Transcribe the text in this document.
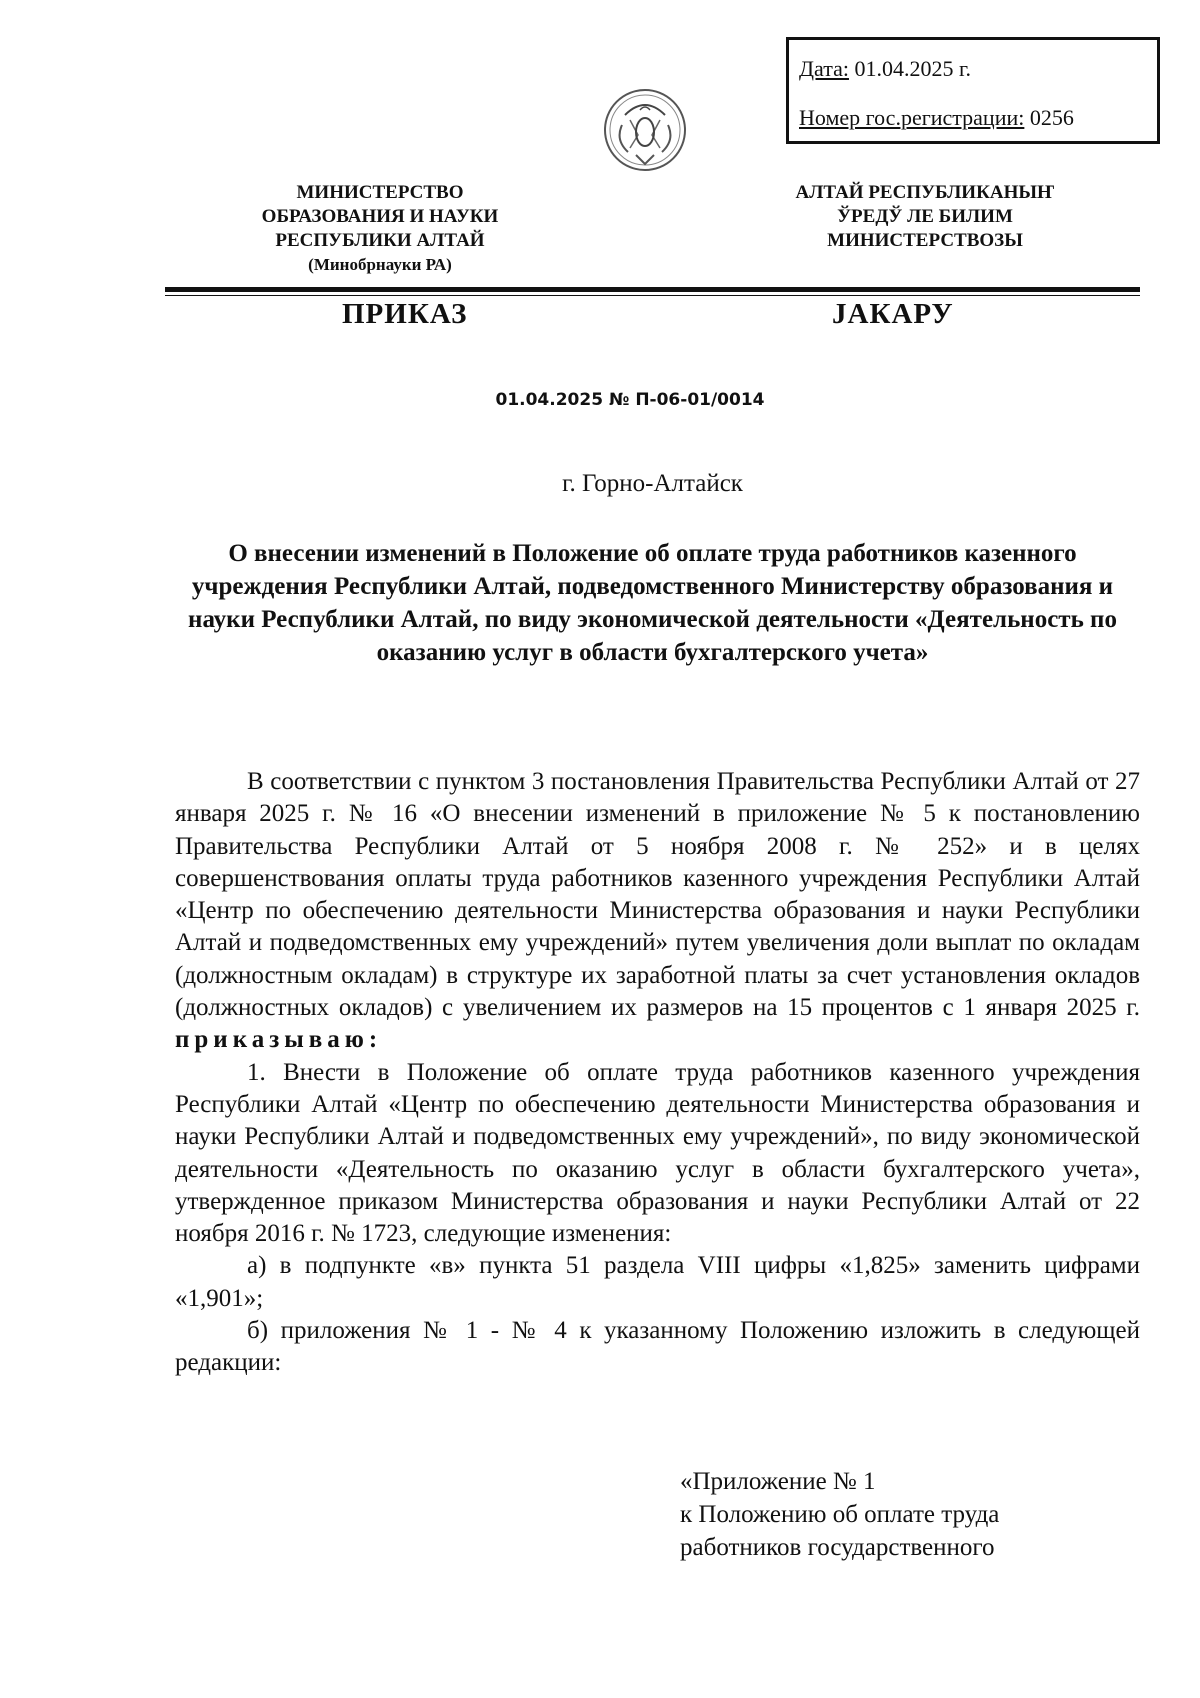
Дата: 01.04.2025 г.
Номер гос.регистрации: 0256
МИНИСТЕРСТВО
ОБРАЗОВАНИЯ И НАУКИ
РЕСПУБЛИКИ АЛТАЙ
(Минобрнауки РА)
АЛТАЙ РЕСПУБЛИКАНЫҤ
ЎРЕДЎ ЛЕ БИЛИМ
МИНИСТЕРСТВОЗЫ
ПРИКАЗ	JАКАРУ
01.04.2025 № П-06-01/0014
г. Горно-Алтайск
О внесении изменений в Положение об оплате труда работников казенного учреждения Республики Алтай, подведомственного Министерству образования и науки Республики Алтай, по виду экономической деятельности «Деятельность по оказанию услуг в области бухгалтерского учета»

В соответствии с пунктом 3 постановления Правительства Республики Алтай от 27 января 2025 г. № 16 «О внесении изменений в приложение № 5 к постановлению Правительства Республики Алтай от 5 ноября 2008 г. № 252» и в целях совершенствования оплаты труда работников казенного учреждения Республики Алтай «Центр по обеспечению деятельности Министерства образования и науки Республики Алтай и подведомственных ему учреждений» путем увеличения доли выплат по окладам (должностным окладам) в структуре их заработной платы за счет установления окладов (должностных окладов) с увеличением их размеров на 15 процентов с 1 января 2025 г. приказываю:

1. Внести в Положение об оплате труда работников казенного учреждения Республики Алтай «Центр по обеспечению деятельности Министерства образования и науки Республики Алтай и подведомственных ему учреждений», по виду экономической деятельности «Деятельность по оказанию услуг в области бухгалтерского учета», утвержденное приказом Министерства образования и науки Республики Алтай от 22 ноября 2016 г. № 1723, следующие изменения:

а) в подпункте «в» пункта 51 раздела VIII цифры «1,825» заменить цифрами «1,901»;

б) приложения № 1 - № 4 к указанному Положению изложить в следующей редакции:

«Приложение № 1
к Положению об оплате труда
работников государственного
